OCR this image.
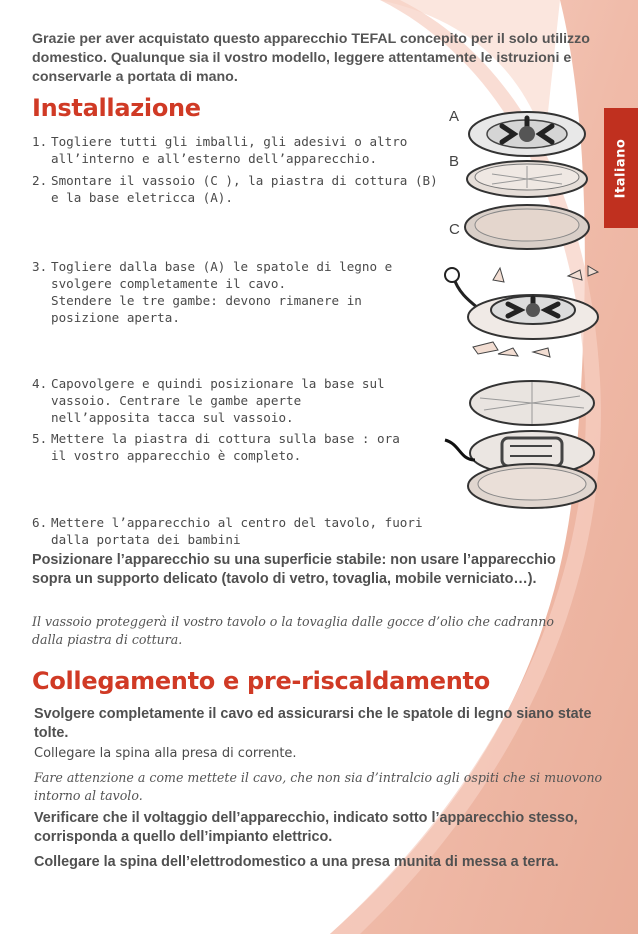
Italiano
Grazie per aver acquistato questo apparecchio TEFAL concepito per il solo utilizzo domestico. Qualunque sia il vostro modello, leggere attentamente le istruzioni e conservarle a portata di mano.
Installazione
1. Togliere tutti gli imballi, gli adesivi o altro all’interno e all’esterno dell’apparecchio.
2. Smontare il vassoio (C ), la piastra di cottura (B) e la base eletricca (A).
3. Togliere dalla base (A) le spatole di legno e svolgere completamente il cavo.
Stendere le tre gambe: devono rimanere in posizione aperta.
4. Capovolgere e quindi posizionare la base sul vassoio. Centrare le gambe aperte nell’apposita tacca sul vassoio.
5. Mettere la piastra di cottura sulla base : ora il vostro apparecchio è completo.
6. Mettere l’apparecchio al centro del tavolo, fuori dalla portata dei bambini
Posizionare l’apparecchio su una superficie stabile: non usare l’apparecchio sopra un supporto delicato (tavolo di vetro, tovaglia, mobile verniciato…).
Il vassoio proteggerà il vostro tavolo o la tovaglia dalle gocce d’olio che cadranno dalla piastra di cottura.
A
B
C
Collegamento e pre-riscaldamento
Svolgere completamente il cavo ed assicurarsi che le spatole di legno siano state tolte.
Collegare la spina alla presa di corrente.
Fare attenzione a come mettete il cavo, che non sia d’intralcio agli ospiti che si muovono intorno al tavolo.
Verificare che il voltaggio dell’apparecchio, indicato sotto l’apparecchio stesso, corrisponda a quello dell’impianto elettrico.
Collegare la spina dell’elettrodomestico a una presa munita di messa a terra.
